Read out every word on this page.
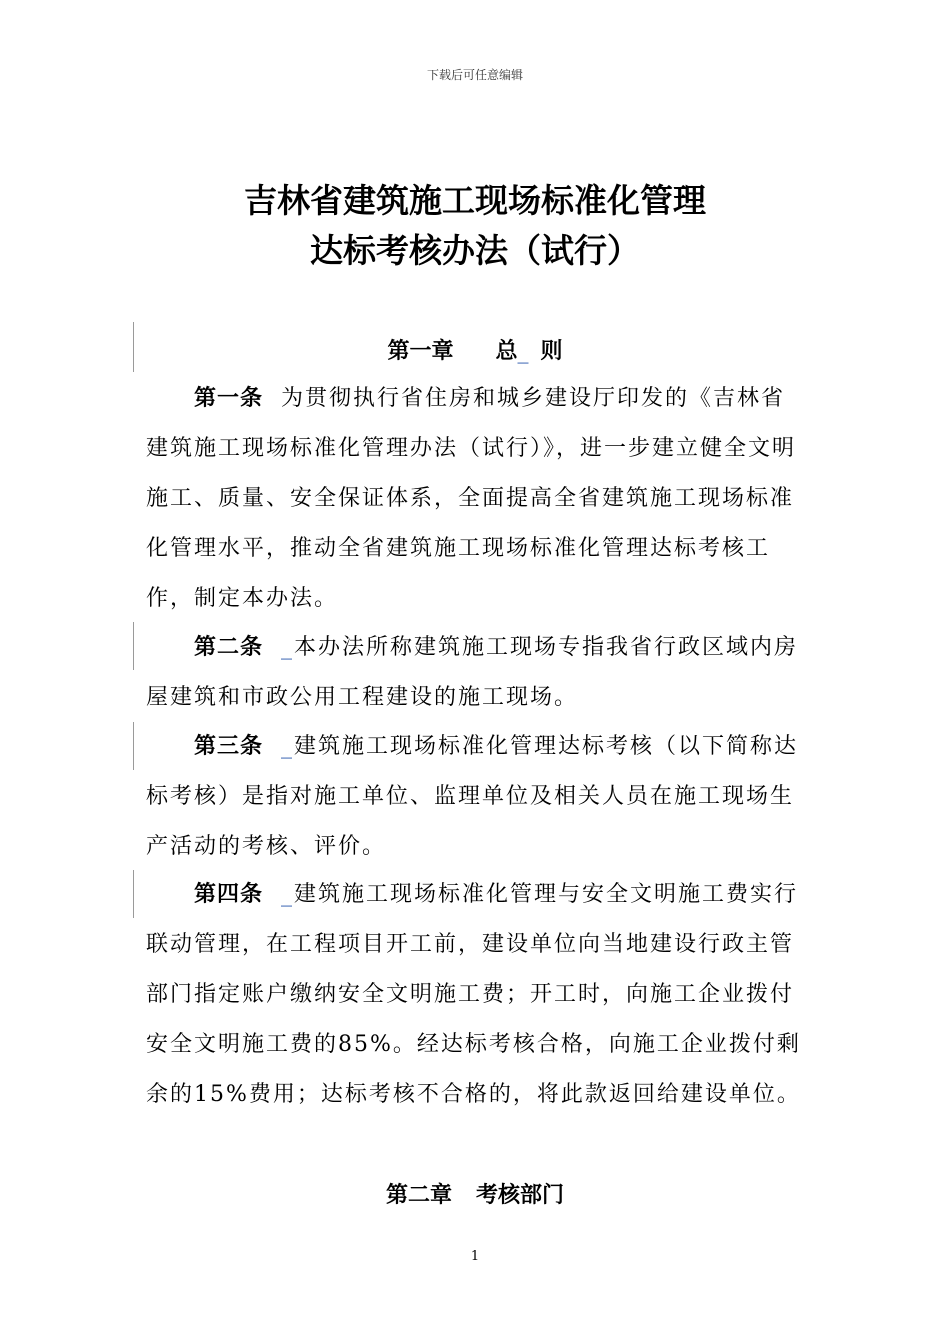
下载后可任意编辑
吉林省建筑施工现场标准化管理
达标考核办法（试行）
第一章 总_ 则

第一条 为贯彻执行省住房和城乡建设厅印发的《吉林省建筑施工现场标准化管理办法（试行）》，进一步建立健全文明施工、质量、安全保证体系，全面提高全省建筑施工现场标准化管理水平，推动全省建筑施工现场标准化管理达标考核工作，制定本办法。

第二条 _本办法所称建筑施工现场专指我省行政区域内房屋建筑和市政公用工程建设的施工现场。

第三条 _建筑施工现场标准化管理达标考核（以下简称达标考核）是指对施工单位、监理单位及相关人员在施工现场生产活动的考核、评价。

第四条 _建筑施工现场标准化管理与安全文明施工费实行联动管理，在工程项目开工前，建设单位向当地建设行政主管部门指定账户缴纳安全文明施工费；开工时，向施工企业拨付安全文明施工费的85%。经达标考核合格，向施工企业拨付剩余的15%费用；达标考核不合格的，将此款返回给建设单位。

第二章 考核部门
1
